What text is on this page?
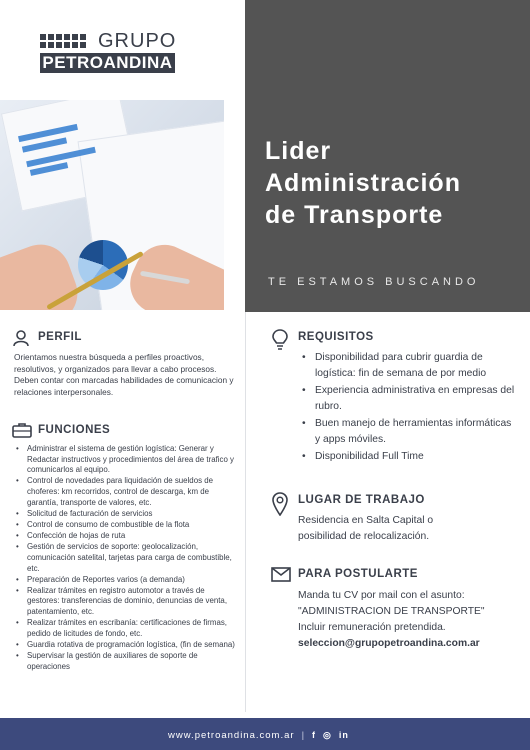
GRUPO
PETROANDINA
Lider
Administración
de Transporte
TE ESTAMOS BUSCANDO
PERFIL

Orientamos nuestra búsqueda a perfiles proactivos, resolutivos, y organizados para llevar a cabo procesos.

Deben contar con marcadas habilidades de comunicacion y relaciones interpersonales.

FUNCIONES
• Administrar el sistema de gestión logística: Generar y Redactar instructivos y procedimientos del área de trafico y comunicarlos al equipo.
• Control de novedades para liquidación de sueldos de choferes: km recorridos, control de descarga, km de garantía, transporte de valores, etc.
• Solicitud de facturación de servicios
• Control de consumo de combustible de la flota
• Confección de hojas de ruta
• Gestión de servicios de soporte: geolocalización, comunicación satelital, tarjetas para carga de combustible, etc.
• Preparación de Reportes varios (a demanda)
• Realizar trámites en registro automotor a través de gestores: transferencias de dominio, denuncias de venta, patentamiento, etc.
• Realizar trámites en escribanía: certificaciones de firmas, pedido de licitudes de fondo, etc.
• Guardia rotativa de programación logística, (fin de semana)
• Supervisar la gestión de auxiliares de soporte de operaciones
REQUISITOS
• Disponibilidad para cubrir guardia de logística: fin de semana de por medio
• Experiencia administrativa en empresas del rubro.
• Buen manejo de herramientas informáticas y apps móviles.
• Disponibilidad Full Time
LUGAR DE TRABAJO
Residencia en Salta Capital o posibilidad de relocalización.
PARA POSTULARTE
Manda tu CV por mail con el asunto:
"ADMINISTRACION DE TRANSPORTE"
Incluir remuneración pretendida.
seleccion@grupopetroandina.com.ar
www.petroandina.com.ar | f ◎ in
